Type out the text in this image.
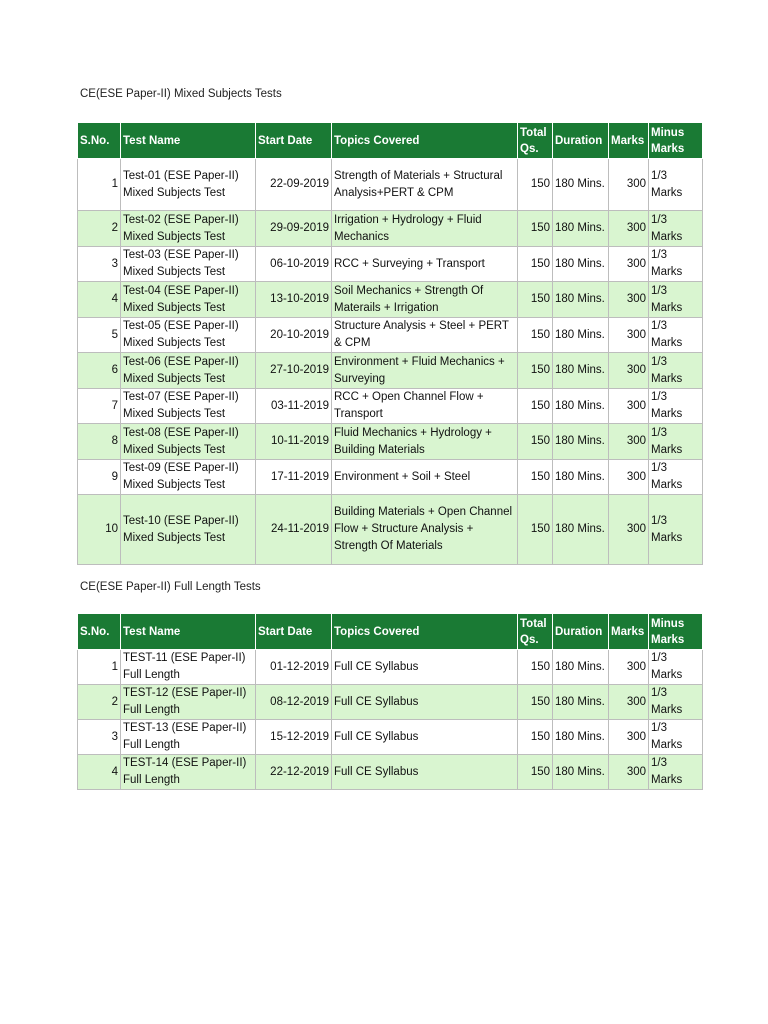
CE(ESE Paper-II) Mixed Subjects Tests
S.No.	Test Name	Start Date	Topics Covered	Total Qs.	Duration	Marks	Minus Marks
1	Test-01 (ESE Paper-II) Mixed Subjects Test	22-09-2019	Strength of Materials + Structural Analysis+PERT & CPM	150	180 Mins.	300	1/3 Marks
2	Test-02 (ESE Paper-II) Mixed Subjects Test	29-09-2019	Irrigation + Hydrology + Fluid Mechanics	150	180 Mins.	300	1/3 Marks
3	Test-03 (ESE Paper-II) Mixed Subjects Test	06-10-2019	RCC + Surveying + Transport	150	180 Mins.	300	1/3 Marks
4	Test-04 (ESE Paper-II) Mixed Subjects Test	13-10-2019	Soil Mechanics + Strength Of Materails + Irrigation	150	180 Mins.	300	1/3 Marks
5	Test-05 (ESE Paper-II) Mixed Subjects Test	20-10-2019	Structure Analysis + Steel + PERT & CPM	150	180 Mins.	300	1/3 Marks
6	Test-06 (ESE Paper-II) Mixed Subjects Test	27-10-2019	Environment + Fluid Mechanics + Surveying	150	180 Mins.	300	1/3 Marks
7	Test-07 (ESE Paper-II) Mixed Subjects Test	03-11-2019	RCC + Open Channel Flow + Transport	150	180 Mins.	300	1/3 Marks
8	Test-08 (ESE Paper-II) Mixed Subjects Test	10-11-2019	Fluid Mechanics + Hydrology + Building Materials	150	180 Mins.	300	1/3 Marks
9	Test-09 (ESE Paper-II) Mixed Subjects Test	17-11-2019	Environment + Soil + Steel	150	180 Mins.	300	1/3 Marks
10	Test-10 (ESE Paper-II) Mixed Subjects Test	24-11-2019	Building Materials + Open Channel Flow + Structure Analysis + Strength Of Materials	150	180 Mins.	300	1/3 Marks
CE(ESE Paper-II) Full Length Tests
S.No.	Test Name	Start Date	Topics Covered	Total Qs.	Duration	Marks	Minus Marks
1	TEST-11 (ESE Paper-II) Full Length	01-12-2019	Full CE Syllabus	150	180 Mins.	300	1/3 Marks
2	TEST-12 (ESE Paper-II) Full Length	08-12-2019	Full CE Syllabus	150	180 Mins.	300	1/3 Marks
3	TEST-13 (ESE Paper-II) Full Length	15-12-2019	Full CE Syllabus	150	180 Mins.	300	1/3 Marks
4	TEST-14 (ESE Paper-II) Full Length	22-12-2019	Full CE Syllabus	150	180 Mins.	300	1/3 Marks
